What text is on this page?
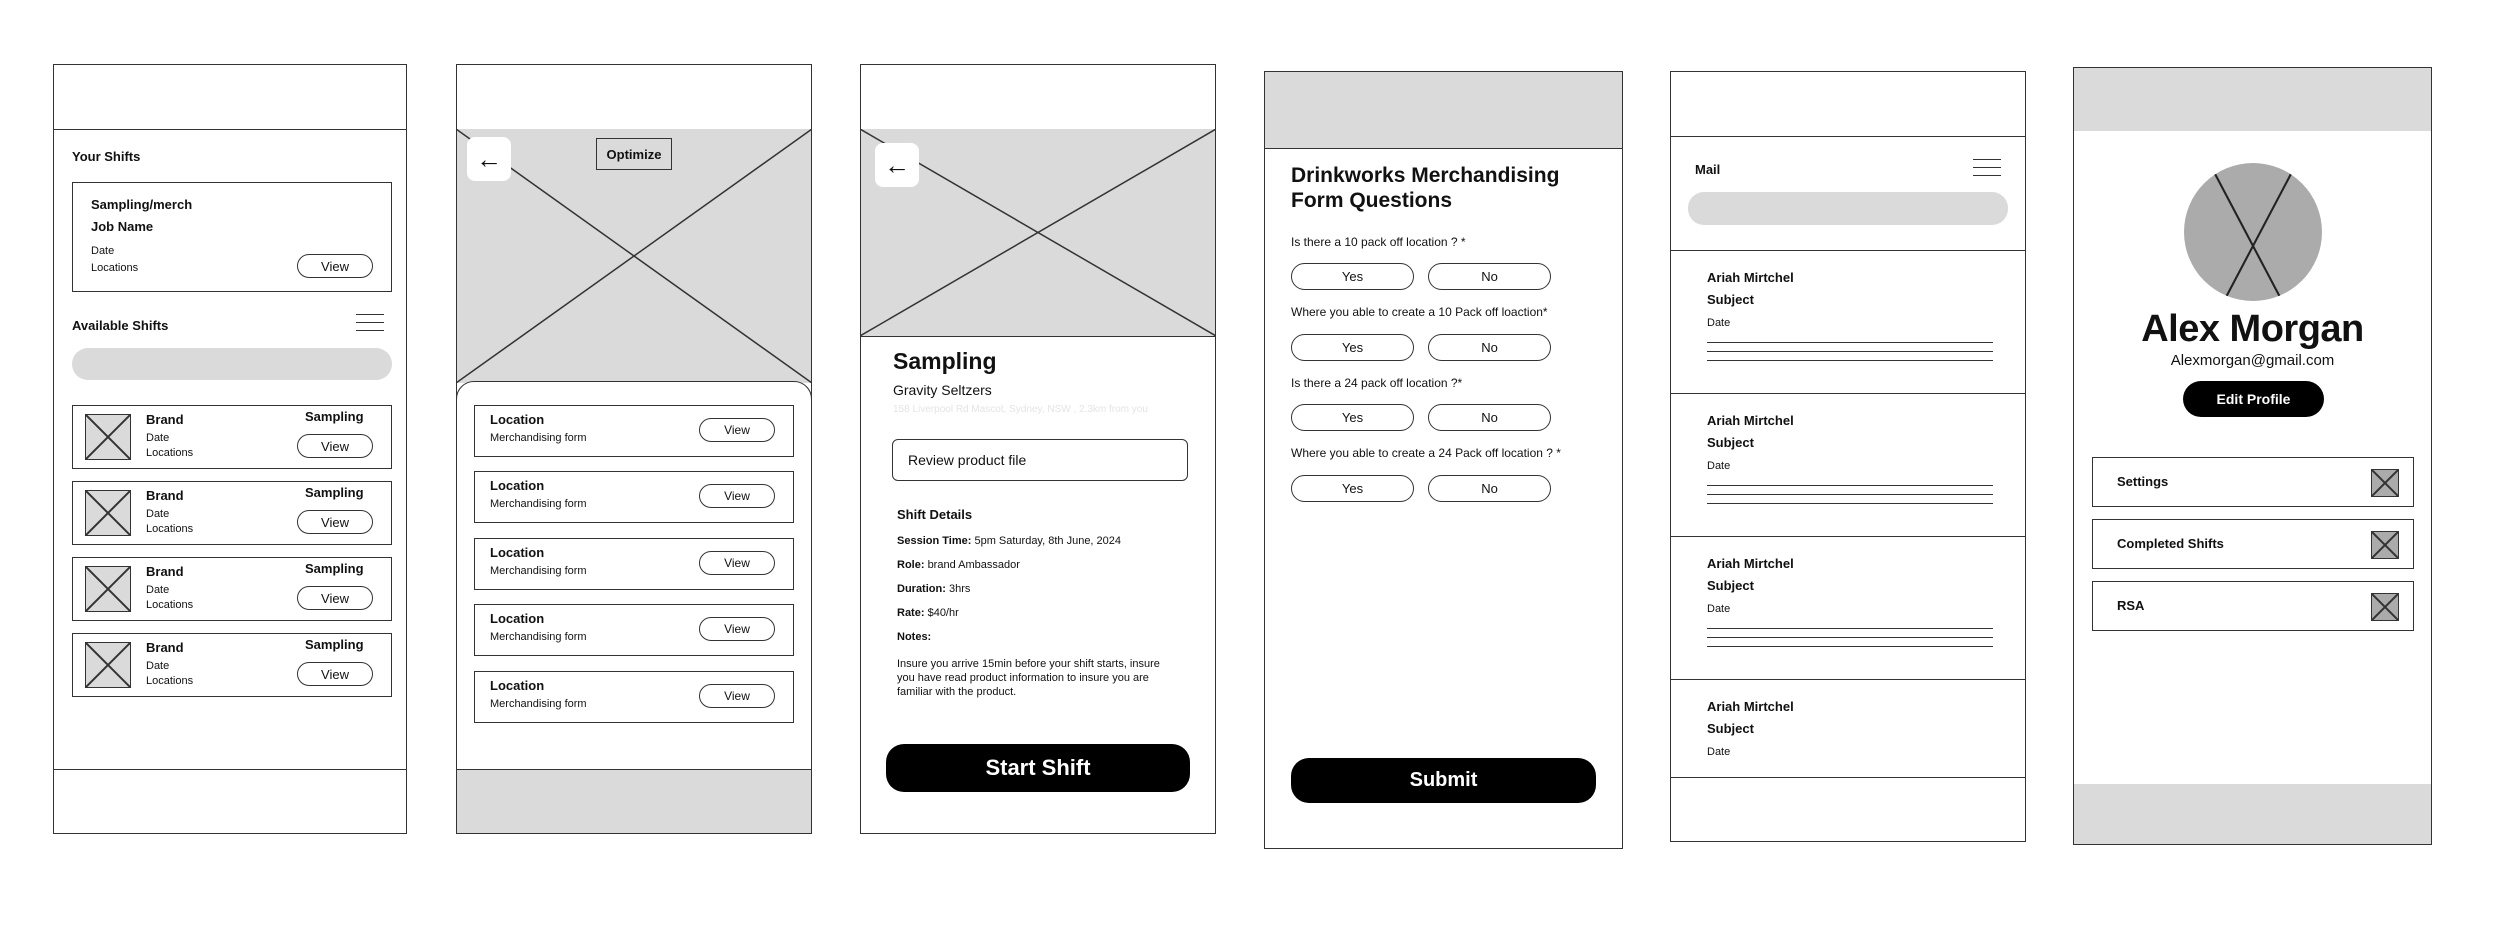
Your Shifts
Sampling/merch
Job Name
Date
Locations	View
Available Shifts
Brand	Sampling
Date
Locations	View
Brand	Sampling
Date
Locations	View
Brand	Sampling
Date
Locations	View
Brand	Sampling
Date
Locations	View
←	Optimize
Location
Merchandising form
View
Location
Merchandising form
View
Location
Merchandising form
View
Location
Merchandising form
View
Location
Merchandising form
View
←
Sampling
Gravity Seltzers
158 Liverpool Rd Mascot, Sydney, NSW , 2.3km from you
Review product file
Shift Details
Session Time: 5pm Saturday, 8th June, 2024
Role: brand Ambassador
Duration: 3hrs
Rate: $40/hr
Notes:
Insure you arrive 15min before your shift starts, insure
you have read product information to insure you are
familiar with the product.
Start Shift
Drinkworks Merchandising
Form Questions
Is there a 10 pack off location ? *
Yes	No
Where you able to create a 10 Pack off loaction*
Yes	No
Is there a 24 pack off location ?*
Yes	No
Where you able to create a 24 Pack off location ? *
Yes	No
Submit
Mail
Ariah Mirtchel
Subject
Date
Ariah Mirtchel
Subject
Date
Ariah Mirtchel
Subject
Date
Ariah Mirtchel
Subject
Date
Alex Morgan
Alexmorgan@gmail.com
Edit Profile
Settings
Completed Shifts
RSA
